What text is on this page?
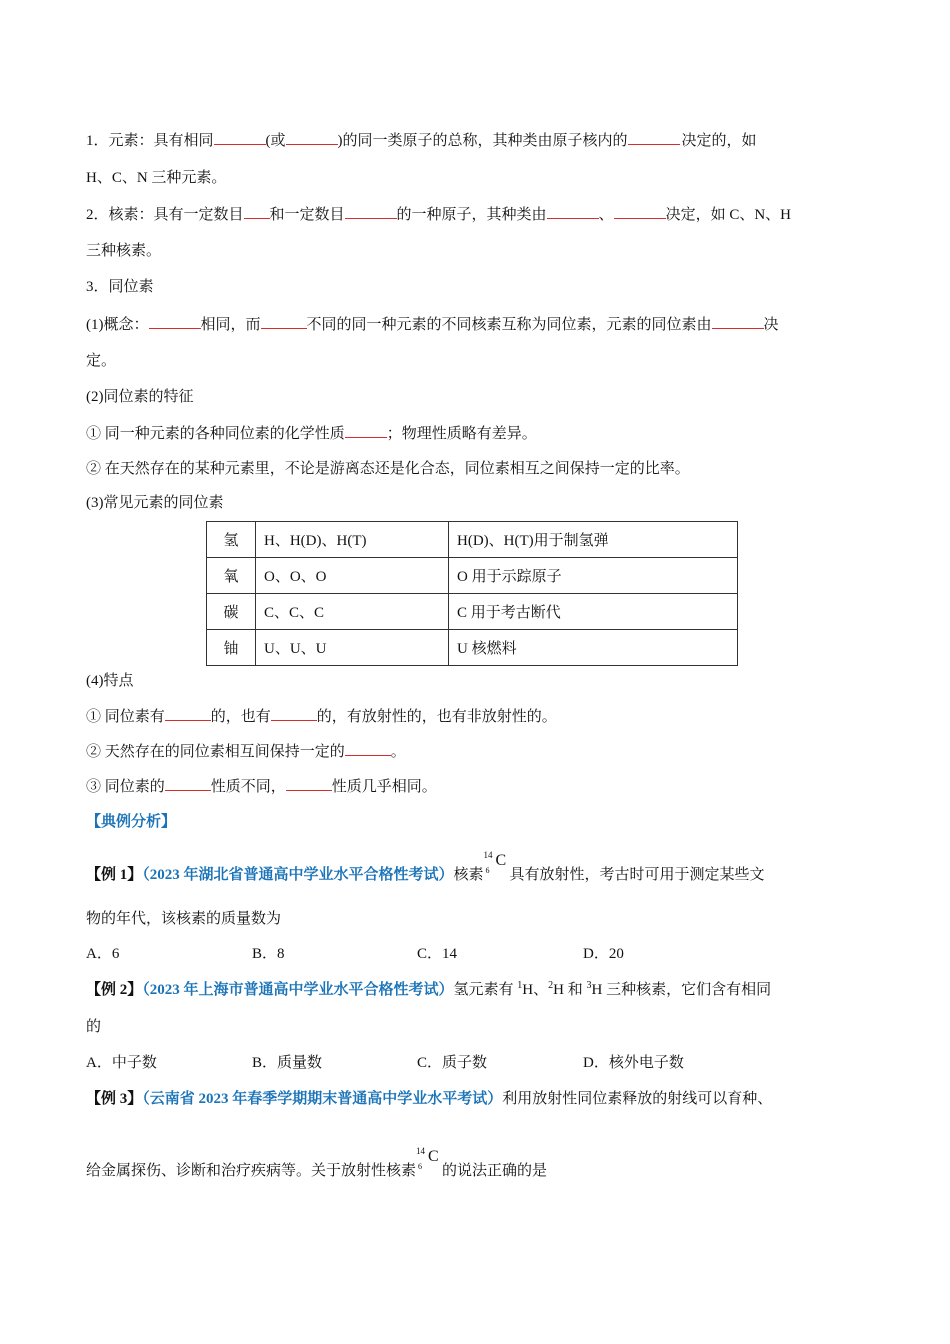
1．元素：具有相同	(或	)的同一类原子的总称，其种类由原子核内的	决定的，如
H、C、N 三种元素。
2．核素：具有一定数目 和一定数目	的一种原子，其种类由	、	决定，如 C、N、H
三种核素。
3．同位素
(1)概念：	相同，而	不同的同一种元素的不同核素互称为同位素，元素的同位素由	决
定。
(2)同位素的特征
① 同一种元素的各种同位素的化学性质	；物理性质略有差异。
② 在天然存在的某种元素里，不论是游离态还是化合态，同位素相互之间保持一定的比率。
(3)常见元素的同位素
氢	H、H(D)、H(T)	H(D)、H(T)用于制氢弹
氧	O、O、O	O 用于示踪原子
碳	C、C、C	C 用于考古断代
铀	U、U、U	U 核燃料
(4)特点
① 同位素有	的，也有	的，有放射性的，也有非放射性的。
② 天然存在的同位素相互间保持一定的	。
③ 同位素的	性质不同，	性质几乎相同。
【典例分析】
【例 1】（2023 年湖北省普通高中学业水平合格性考试）核素
14
6
C
具有放射性，考古时可用于测定某些文
物的年代，该核素的质量数为
A．6	B．8	C．14	D．20
【例 2】（2023 年上海市普通高中学业水平合格性考试）氢元素有 $^1$H、$^2$H 和 $^3$H 三种核素，它们含有相同
的
A．中子数	B．质量数	C．质子数	D．核外电子数
【例 3】（云南省 2023 年春季学期期末普通高中学业水平考试）利用放射性同位素释放的射线可以育种、
给金属探伤、诊断和治疗疾病等。关于放射性核素
14
6
C
的说法正确的是
